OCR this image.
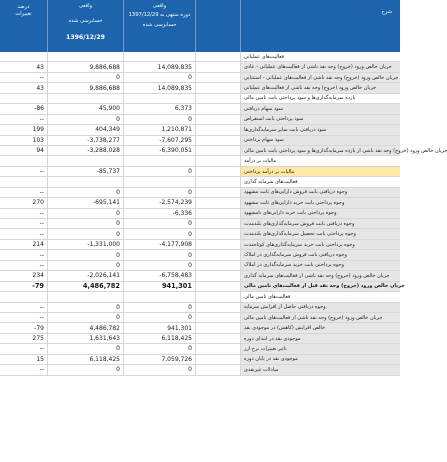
درصد
تغییرات
واقعی
حسابرسی شده
1396/12/29
واقعی
دوره منتهی به 1397/12/29
حسابرسی شده
شرح
فعالیت‌های عملیاتی
43	9,886,688	14,089,835	جریان خالص ورود (خروج) وجه نقد ناشی از فعالیت‌های عملیاتی - عادی
--	0	0	جریان خالص ورود (خروج) وجه نقد ناشی از فعالیت‌های عملیاتی - استثنایی
43	9,886,688	14,089,835	جریان خالص ورود (خروج) وجه نقد ناشی از فعالیت‌های عملیاتی
بازده سرمایه‌گذاری‌ها و سود پرداختی بابت تامین مالی
-86	45,900	6,373	سود سهام دریافتی
--	0	0	سود پرداختی بابت استقراض
199	404,349	1,210,871	سود دریافتی بابت سایر سرمایه‌گذاری‌ها
103	-3,738,277	-7,607,295	سود سهام پرداختی
94	-3,288,028	-6,390,051	جریان خالص ورود (خروج) وجه نقد ناشی از بازده سرمایه‌گذاری‌ها و سود پرداختی بابت تامین مالی
مالیات بر درآمد
--	-85,737	0	مالیات بر درآمد پرداختی
فعالیت‌های سرمایه گذاری
--	0	0	وجوه دریافتی بابت فروش دارایی‌های ثابت مشهود
270	-695,141	-2,574,239	وجوه پرداختی بابت خرید دارایی‌های ثابت مشهود
--	0	-6,336	وجوه پرداختی بابت خرید دارایی‌های نامشهود
--	0	0	وجوه دریافتی بابت فروش سرمایه‌گذاری‌های بلندمدت
--	0	0	وجوه پرداختی بابت تحصیل سرمایه‌گذاری‌های بلندمدت
214	-1,331,000	-4,177,908	وجوه پرداختی بابت خرید سرمایه‌گذاری‌های کوتاه‌مدت
--	0	0	وجوه دریافتی بابت فروش سرمایه‌گذاری در املاک
--	0	0	وجوه پرداختی بابت خرید سرمایه‌گذاری در املاک
234	-2,026,141	-6,758,483	جریان خالص ورود (خروج) وجه نقد ناشی از فعالیت‌های سرمایه گذاری
-79	4,486,782	941,301	جریان خالص ورود (خروج) وجه نقد قبل از فعالیت‌های تامین مالی
فعالیت‌های تامین مالی
--	0	0	وجوه دریافتی حاصل از افزایش سرمایه
--	0	0	جریان خالص ورود (خروج) وجه نقد ناشی از فعالیت‌های تامین مالی
-79	4,486,782	941,301	خالص افزایش (کاهش) در موجودی نقد
275	1,631,643	6,118,425	موجودی نقد در ابتدای دوره
--	0	0	تاثیر تغییرات نرخ ارز
15	6,118,425	7,059,726	موجودی نقد در پایان دوره
--	0	0	مبادلات غیرنقدی
